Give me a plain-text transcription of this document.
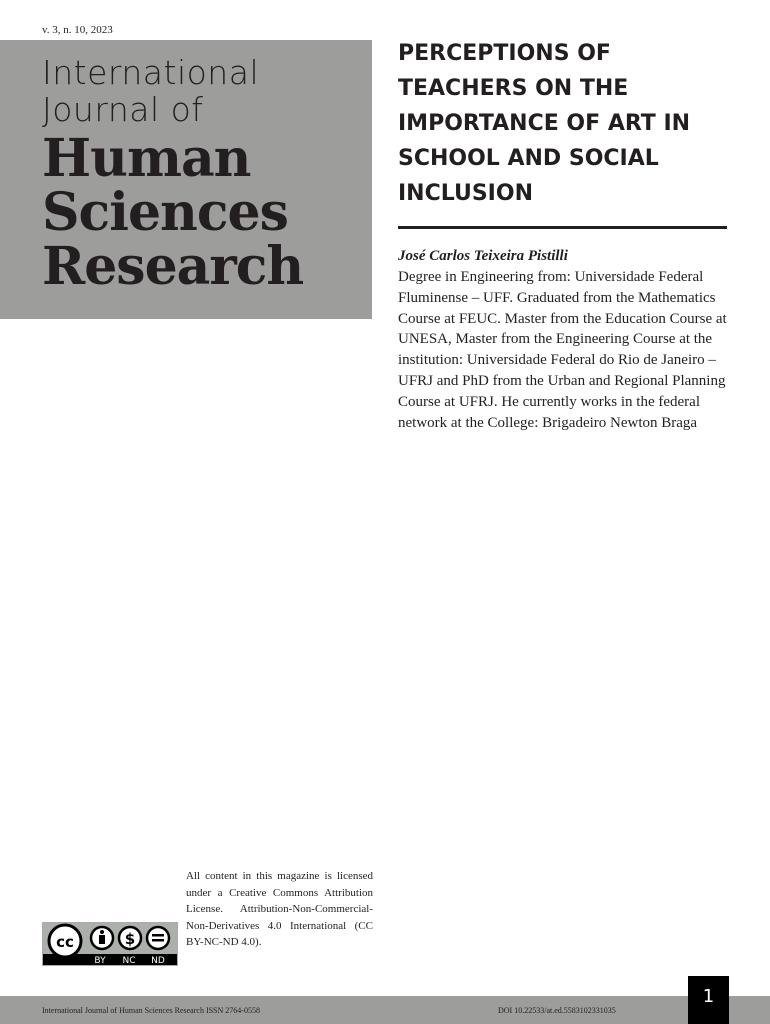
v. 3, n. 10, 2023
International
Journal of
Human
Sciences
Research
PERCEPTIONS OF TEACHERS ON THE IMPORTANCE OF ART IN SCHOOL AND SOCIAL INCLUSION
José Carlos Teixeira Pistilli
Degree in Engineering from: Universidade Federal Fluminense – UFF. Graduated from the Mathematics Course at FEUC. Master from the Education Course at UNESA, Master from the Engineering Course at the institution: Universidade Federal do Rio de Janeiro – UFRJ and PhD from the Urban and Regional Planning Course at UFRJ. He currently works in the federal network at the College: Brigadeiro Newton Braga
cc	$
BY NC ND
All content in this magazine is licensed under a Creative Commons Attribution License. Attribution-Non-Commercial-Non-Derivatives 4.0 International (CC BY-NC-ND 4.0).
International Journal of Human Sciences Research ISSN 2764-0558	DOI 10.22533/at.ed.5583102331035
1
